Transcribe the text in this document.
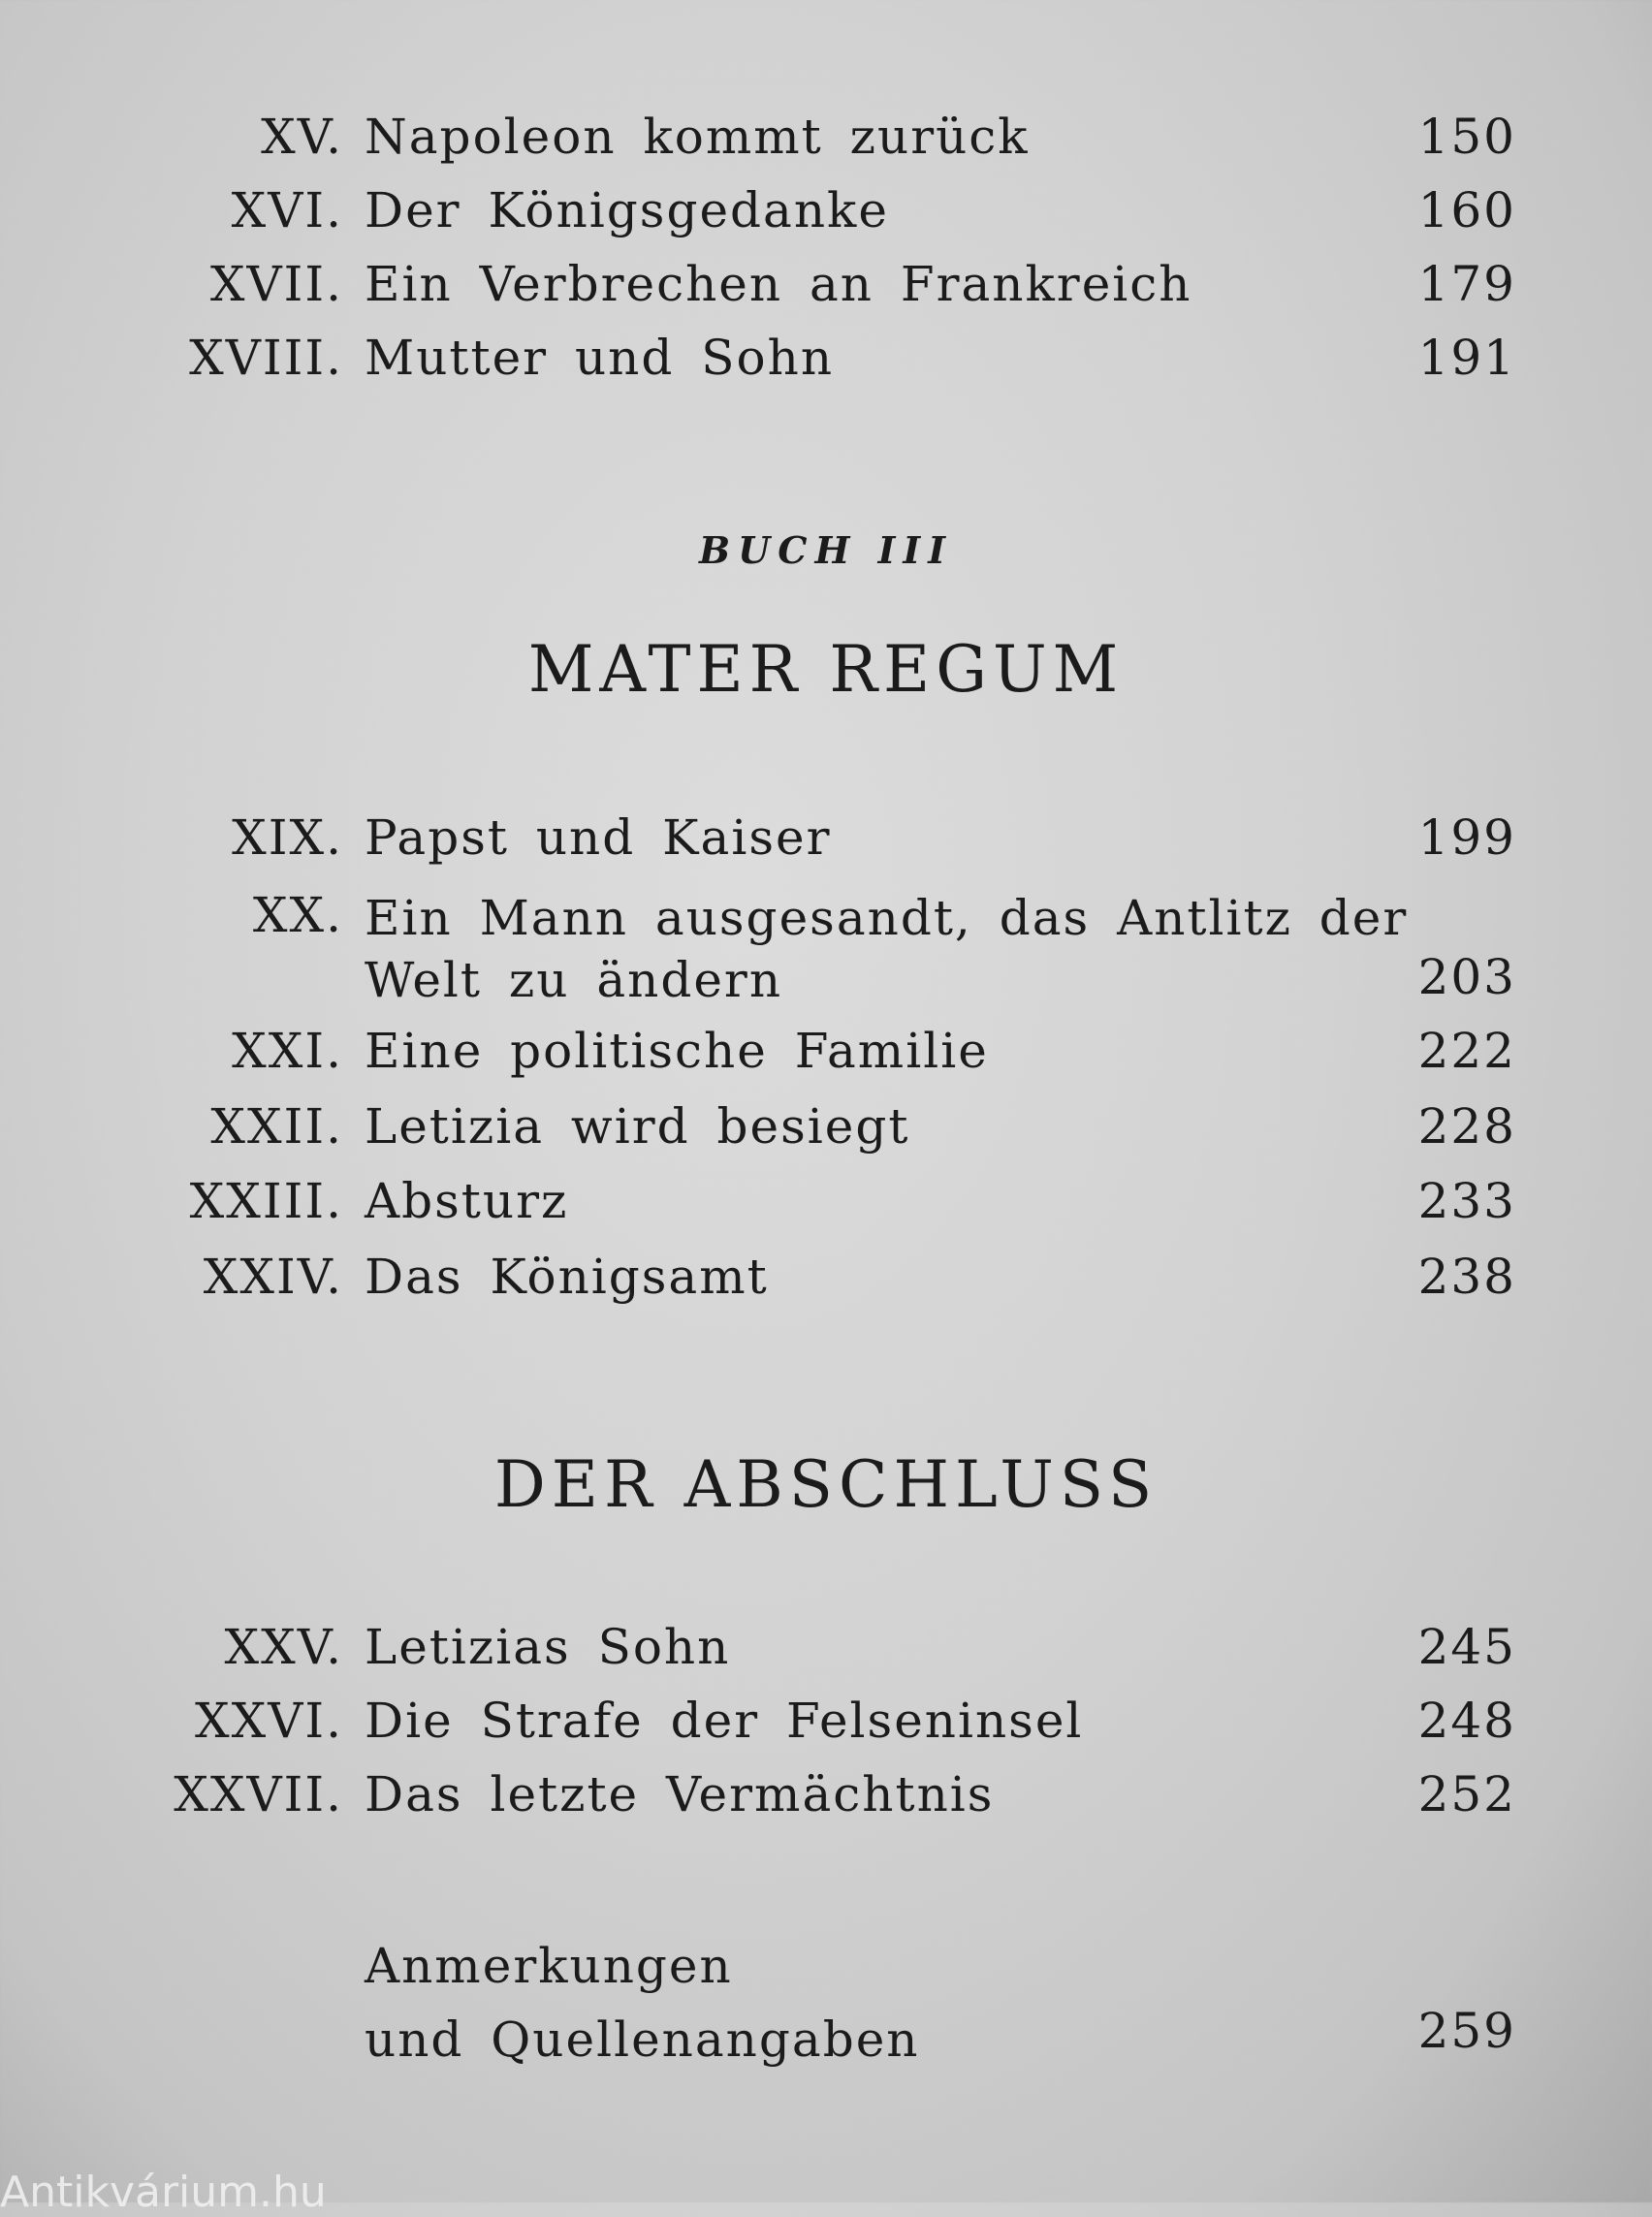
XV. Napoleon kommt zurück	150
XVI. Der Königsgedanke	160
XVII. Ein Verbrechen an Frankreich	179
XVIII. Mutter und Sohn	191
BUCH III
MATER REGUM
XIX. Papst und Kaiser	199
XX. Ein Mann ausgesandt, das Antlitz der
Welt zu ändern	203
XXI. Eine politische Familie	222
XXII. Letizia wird besiegt	228
XXIII. Absturz	233
XXIV. Das Königsamt	238
DER ABSCHLUSS
XXV. Letizias Sohn	245
XXVI. Die Strafe der Felseninsel	248
XXVII. Das letzte Vermächtnis	252
Anmerkungen
und Quellenangaben	259
Antikvárium.hu
